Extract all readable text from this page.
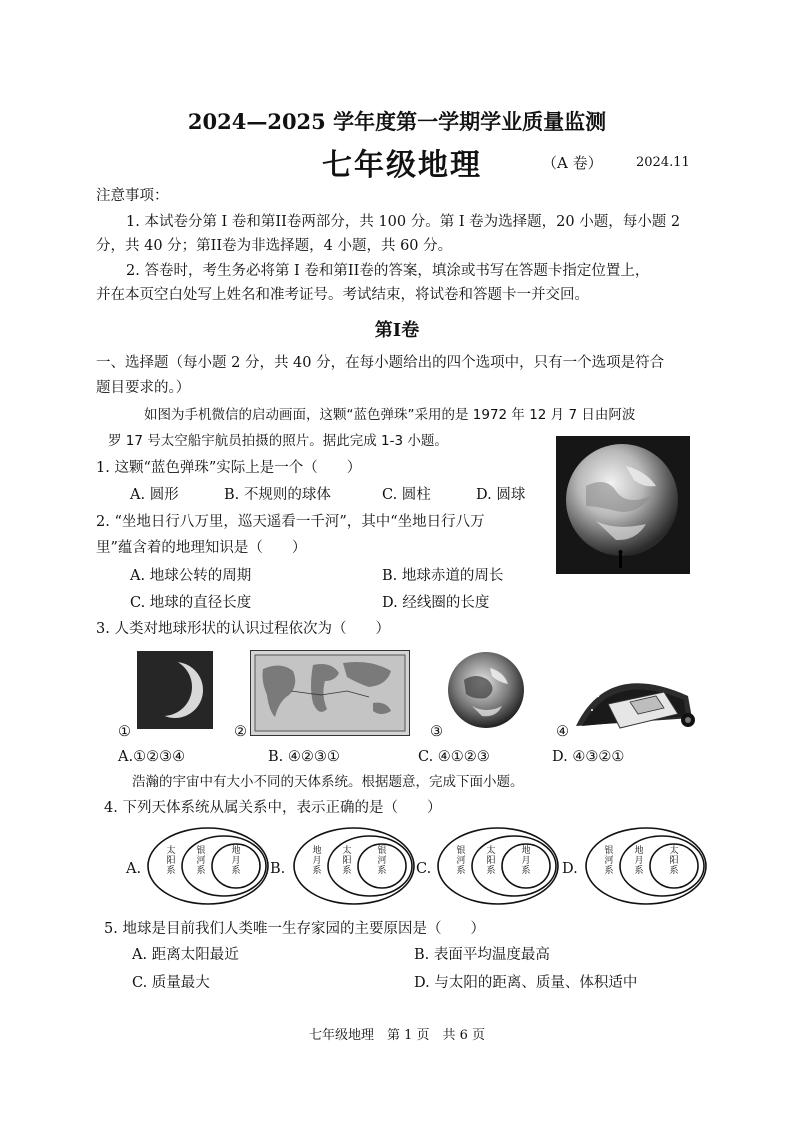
2024—2025 学年度第一学期学业质量监测
七年级地理	（A 卷）	2024.11
注意事项：
1. 本试卷分第 I 卷和第II卷两部分，共 100 分。第 I 卷为选择题，20 小题，每小题 2
分，共 40 分；第II卷为非选择题，4 小题，共 60 分。
2. 答卷时，考生务必将第 I 卷和第II卷的答案，填涂或书写在答题卡指定位置上，
并在本页空白处写上姓名和准考证号。考试结束，将试卷和答题卡一并交回。
第I卷
一、选择题（每小题 2 分，共 40 分，在每小题给出的四个选项中，只有一个选项是符合
题目要求的。）
如图为手机微信的启动画面，这颗“蓝色弹珠”采用的是 1972 年 12 月 7 日由阿波
罗 17 号太空船宇航员拍摄的照片。据此完成 1-3 小题。
1. 这颗“蓝色弹珠”实际上是一个（　　）
A. 圆形	B. 不规则的球体	C. 圆柱	D. 圆球
2. “坐地日行八万里，巡天遥看一千河”，其中“坐地日行八万
里”蕴含着的地理知识是（　　）
A. 地球公转的周期	B. 地球赤道的周长
C. 地球的直径长度	D. 经线圈的长度
3. 人类对地球形状的认识过程依次为（　　）
①	②	③	④
A.①②③④	B. ④②③①	C. ④①②③	D. ④③②①
浩瀚的宇宙中有大小不同的天体系统。根据题意，完成下面小题。
4. 下列天体系统从属关系中，表示正确的是（　　）
A.
太阳系
银河系
地月系 B.
地月系
太阳系
银河系 C.
银河系
太阳系
地月系 D.
银河系
地月系
太阳系
5. 地球是目前我们人类唯一生存家园的主要原因是（　　）
A. 距离太阳最近	B. 表面平均温度最高
C. 质量最大	D. 与太阳的距离、质量、体积适中
七年级地理　第 1 页　共 6 页
